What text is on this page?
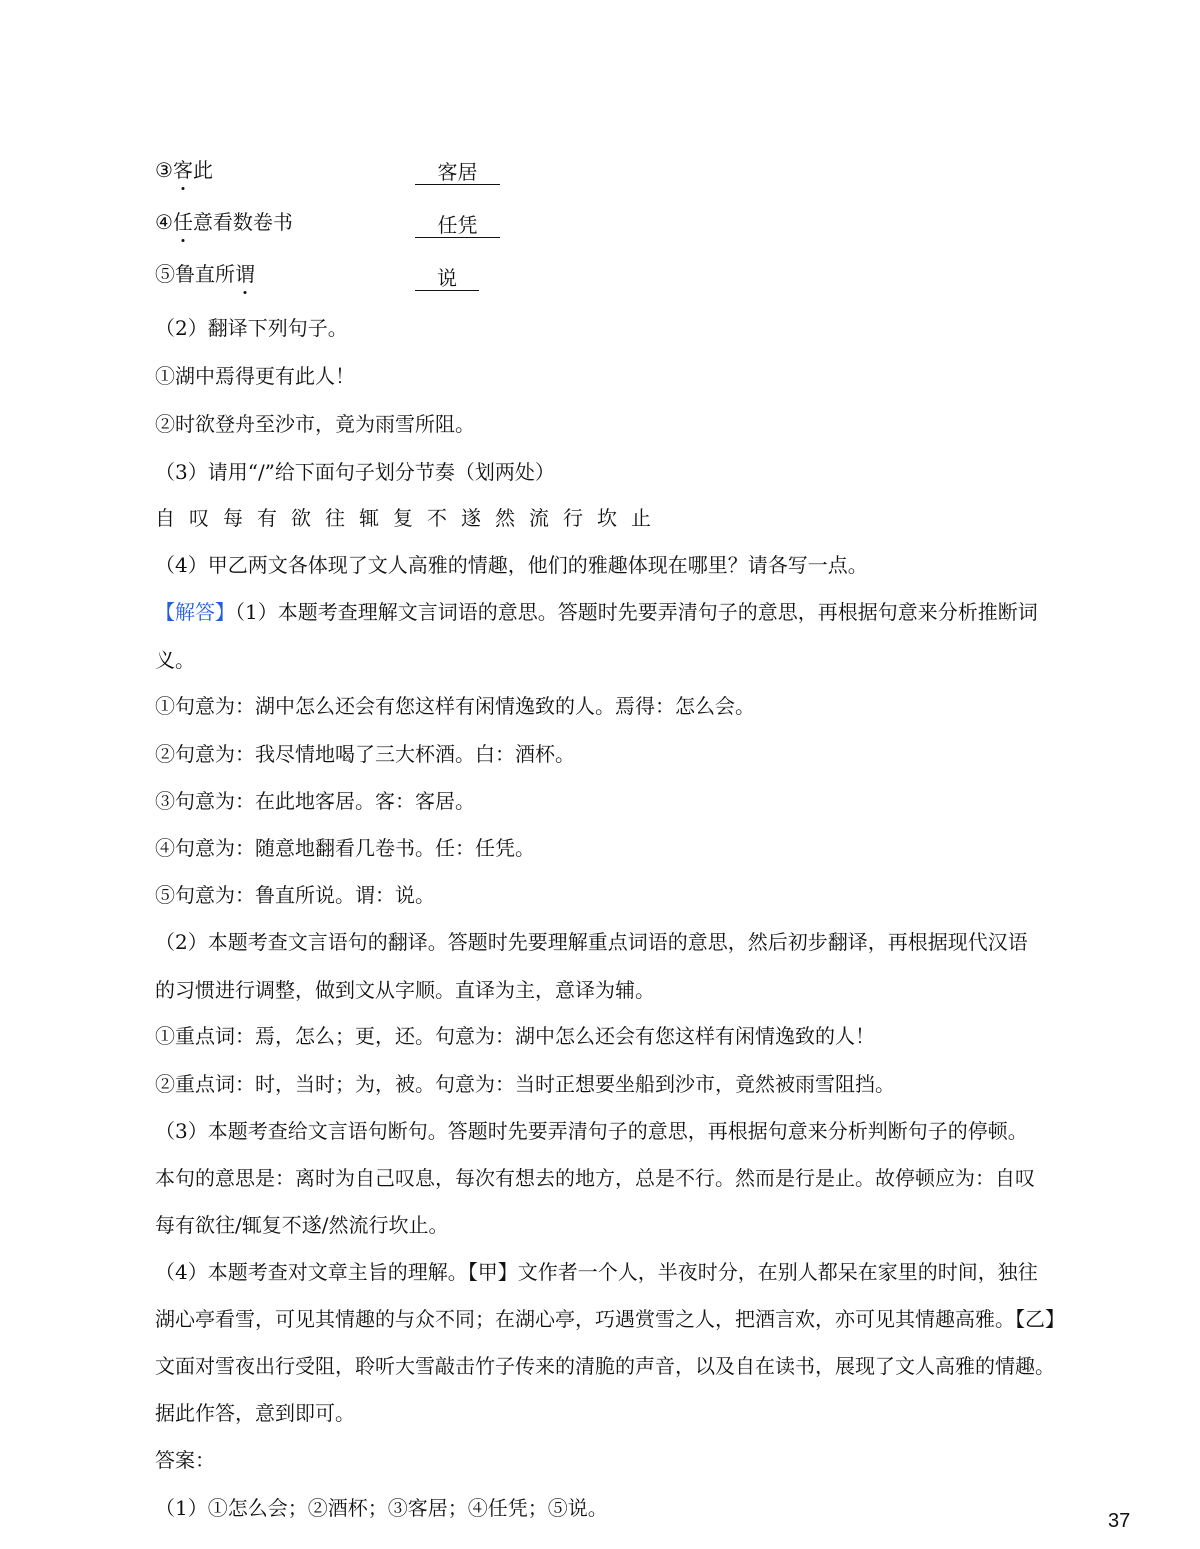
③客此	客居
④任意看数卷书	任凭
⑤鲁直所谓	说
（2）翻译下列句子。
①湖中焉得更有此人！
②时欲登舟至沙市，竟为雨雪所阻。
（3）请用“/”给下面句子划分节奏（划两处）
自叹每有欲往辄复不遂然流行坎止
（4）甲乙两文各体现了文人高雅的情趣，他们的雅趣体现在哪里？请各写一点。
【解答】（1）本题考查理解文言词语的意思。答题时先要弄清句子的意思，再根据句意来分析推断词
义。
①句意为：湖中怎么还会有您这样有闲情逸致的人。焉得：怎么会。
②句意为：我尽情地喝了三大杯酒。白：酒杯。
③句意为：在此地客居。客：客居。
④句意为：随意地翻看几卷书。任：任凭。
⑤句意为：鲁直所说。谓：说。
（2）本题考查文言语句的翻译。答题时先要理解重点词语的意思，然后初步翻译，再根据现代汉语
的习惯进行调整，做到文从字顺。直译为主，意译为辅。
①重点词：焉，怎么；更，还。句意为：湖中怎么还会有您这样有闲情逸致的人！
②重点词：时，当时；为，被。句意为：当时正想要坐船到沙市，竟然被雨雪阻挡。
（3）本题考查给文言语句断句。答题时先要弄清句子的意思，再根据句意来分析判断句子的停顿。
本句的意思是：离时为自己叹息，每次有想去的地方，总是不行。然而是行是止。故停顿应为：自叹
每有欲往/辄复不遂/然流行坎止。
（4）本题考查对文章主旨的理解。【甲】文作者一个人，半夜时分，在别人都呆在家里的时间，独往
湖心亭看雪，可见其情趣的与众不同；在湖心亭，巧遇赏雪之人，把酒言欢，亦可见其情趣高雅。【乙】
文面对雪夜出行受阻，聆听大雪敲击竹子传来的清脆的声音，以及自在读书，展现了文人高雅的情趣。
据此作答，意到即可。
答案：
（1）①怎么会；②酒杯；③客居；④任凭；⑤说。
37
